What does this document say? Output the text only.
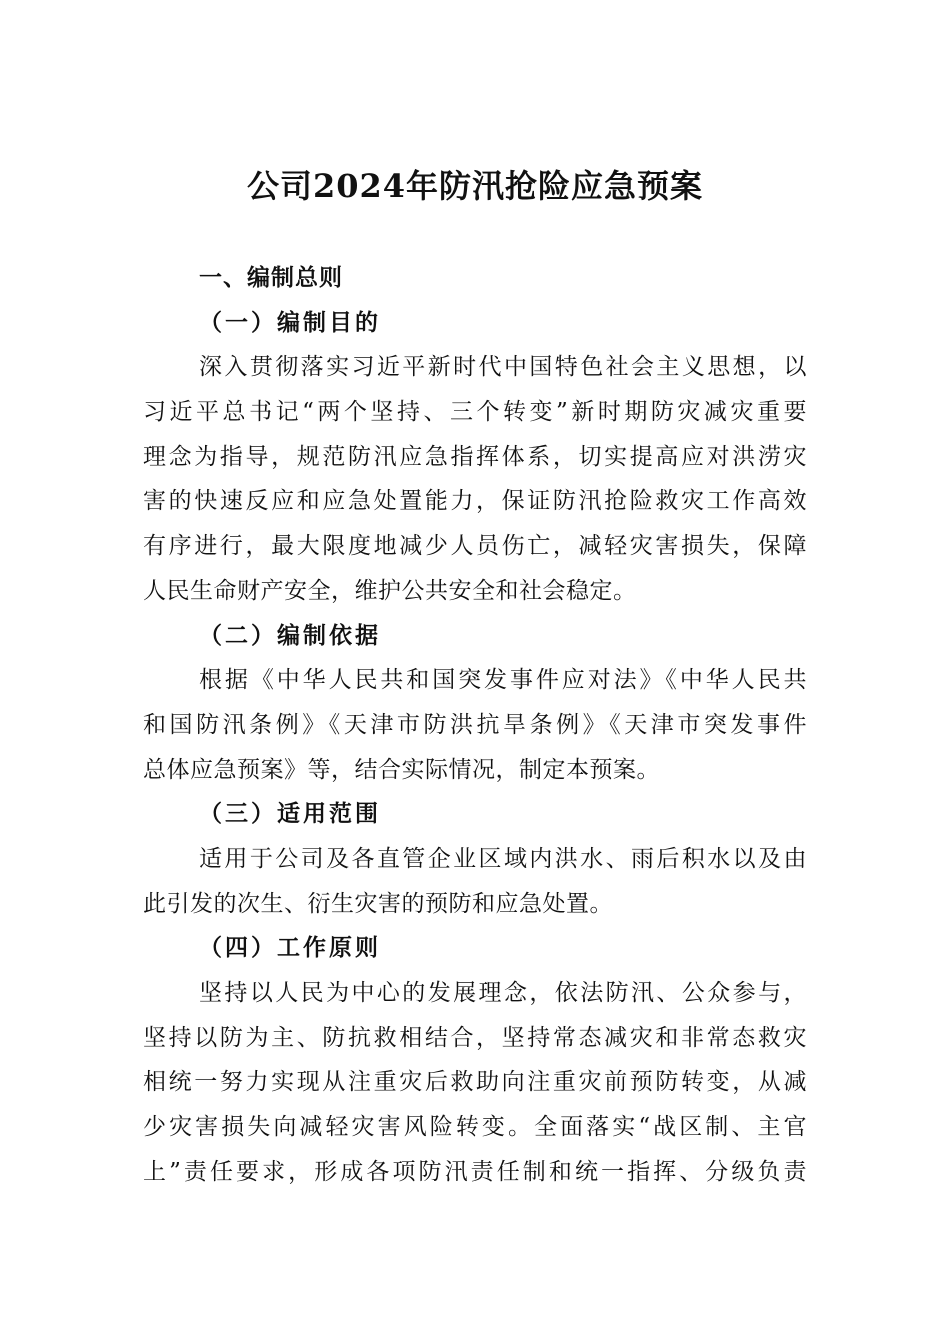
公司2024年防汛抢险应急预案
一、编制总则
（一）编制目的
深入贯彻落实习近平新时代中国特色社会主义思想，以
习近平总书记“两个坚持、三个转变”新时期防灾减灾重要
理念为指导，规范防汛应急指挥体系，切实提高应对洪涝灾
害的快速反应和应急处置能力，保证防汛抢险救灾工作高效
有序进行，最大限度地减少人员伤亡，减轻灾害损失，保障
人民生命财产安全，维护公共安全和社会稳定。
（二）编制依据
根据《中华人民共和国突发事件应对法》《中华人民共
和国防汛条例》《天津市防洪抗旱条例》《天津市突发事件
总体应急预案》等，结合实际情况，制定本预案。
（三）适用范围
适用于公司及各直管企业区域内洪水、雨后积水以及由
此引发的次生、衍生灾害的预防和应急处置。
（四）工作原则
坚持以人民为中心的发展理念，依法防汛、公众参与，
坚持以防为主、防抗救相结合，坚持常态减灾和非常态救灾
相统一努力实现从注重灾后救助向注重灾前预防转变，从减
少灾害损失向减轻灾害风险转变。全面落实“战区制、主官
上”责任要求，形成各项防汛责任制和统一指挥、分级负责
